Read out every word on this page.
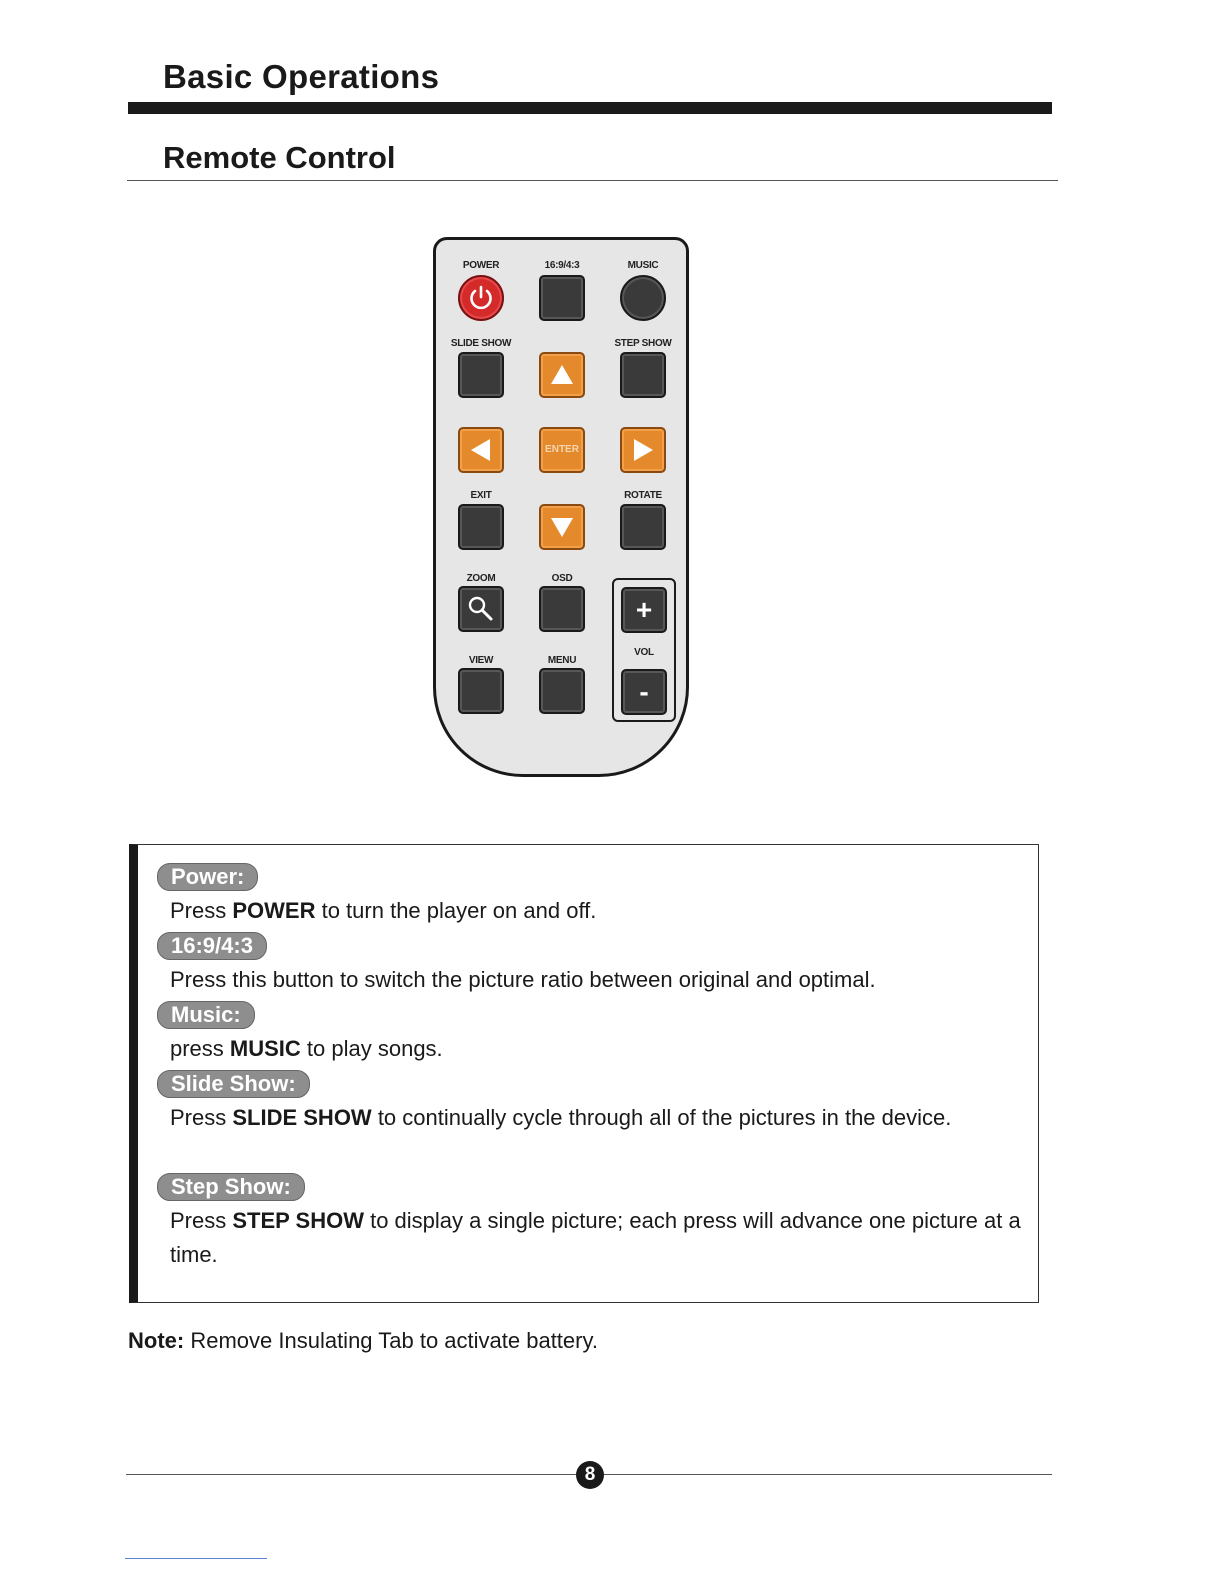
Basic Operations
Remote Control
POWER	16:9/4:3	MUSIC
SLIDE SHOW	STEP SHOW
ENTER
EXIT	ROTATE
ZOOM	OSD
+
VOL
-
VIEW	MENU
Power:
Press POWER to turn the player on and off.
16:9/4:3
Press this button to switch the picture ratio between original and optimal.
Music:
press MUSIC to play songs.
Slide Show:
Press SLIDE SHOW to continually cycle through all of the pictures in the device.
Step Show:
Press STEP SHOW to display a single picture; each press will advance one picture at a time.
Note: Remove Insulating Tab to activate battery.
8
